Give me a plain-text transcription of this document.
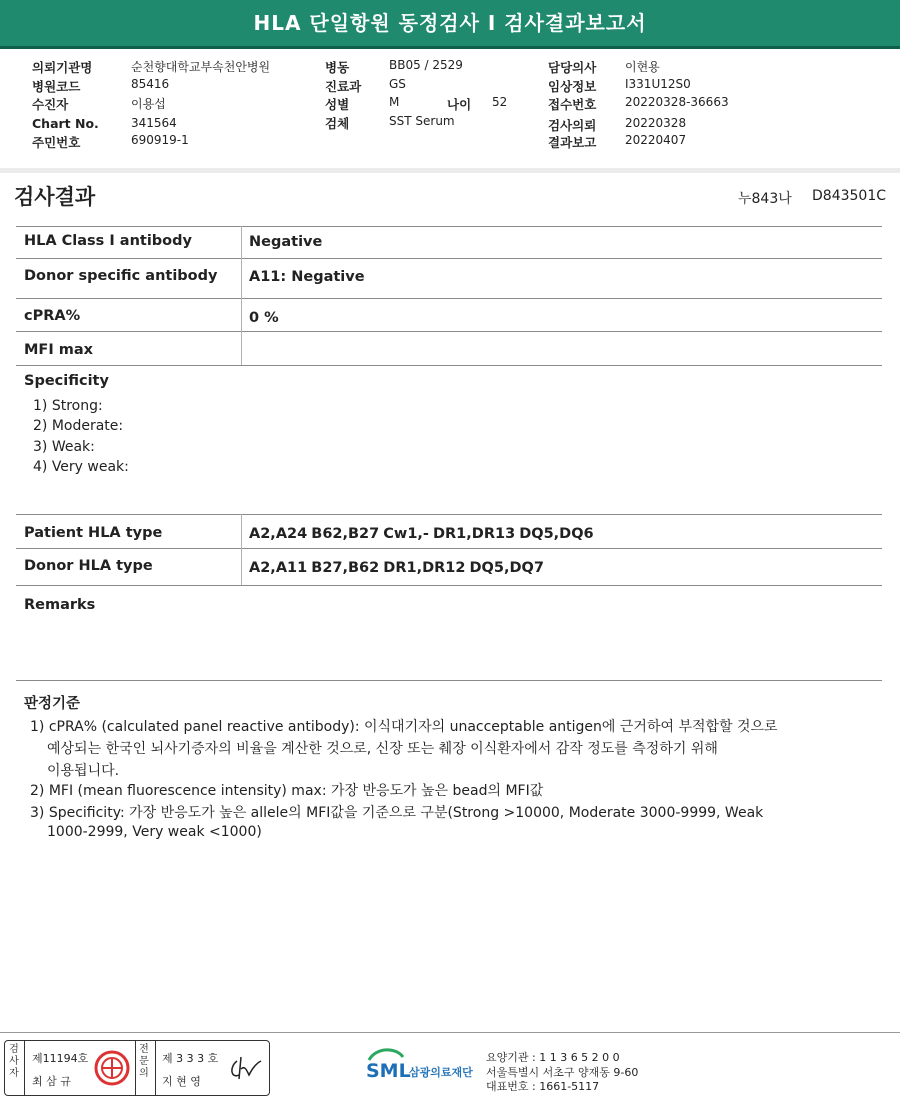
HLA 단일항원 동정검사 I 검사결과보고서
의뢰기관명	순천향대학교부속천안병원
병원코드	85416
수진자	이용섭
Chart No.	341564
주민번호	690919-1
병동	BB05 / 2529
진료과 GS
성별	M	나이 52
검체	SST Serum
담당의사 이현용
임상정보 I331U12S0
접수번호 20220328-36663
검사의뢰 20220328
결과보고 20220407
검사결과	누843나 D843501C
HLA Class I antibody	Negative
Donor specific antibody A11: Negative
cPRA%	0 %
MFI max
Specificity
1) Strong:
2) Moderate:
3) Weak:
4) Very weak:
Patient HLA type	A2,A24 B62,B27 Cw1,- DR1,DR13 DQ5,DQ6
Donor HLA type	A2,A11 B27,B62 DR1,DR12 DQ5,DQ7
Remarks
판정기준
1) cPRA% (calculated panel reactive antibody): 이식대기자의 unacceptable antigen에 근거하여 부적합할 것으로
예상되는 한국인 뇌사기증자의 비율을 계산한 것으로, 신장 또는 췌장 이식환자에서 감작 정도를 측정하기 위해
이용됩니다.
2) MFI (mean fluorescence intensity) max: 가장 반응도가 높은 bead의 MFI값
3) Specificity: 가장 반응도가 높은 allele의 MFI값을 기준으로 구분(Strong >10000, Moderate 3000-9999, Weak
1000-2999, Very weak <1000)
검사자
제11194호
최 삼 규
전문의
제 3 3 3 호
지 현 영	SML
삼광의료재단
요양기관 : 1 1 3 6 5 2 0 0
서울특별시 서초구 양재동 9-60
대표번호 : 1661-5117
